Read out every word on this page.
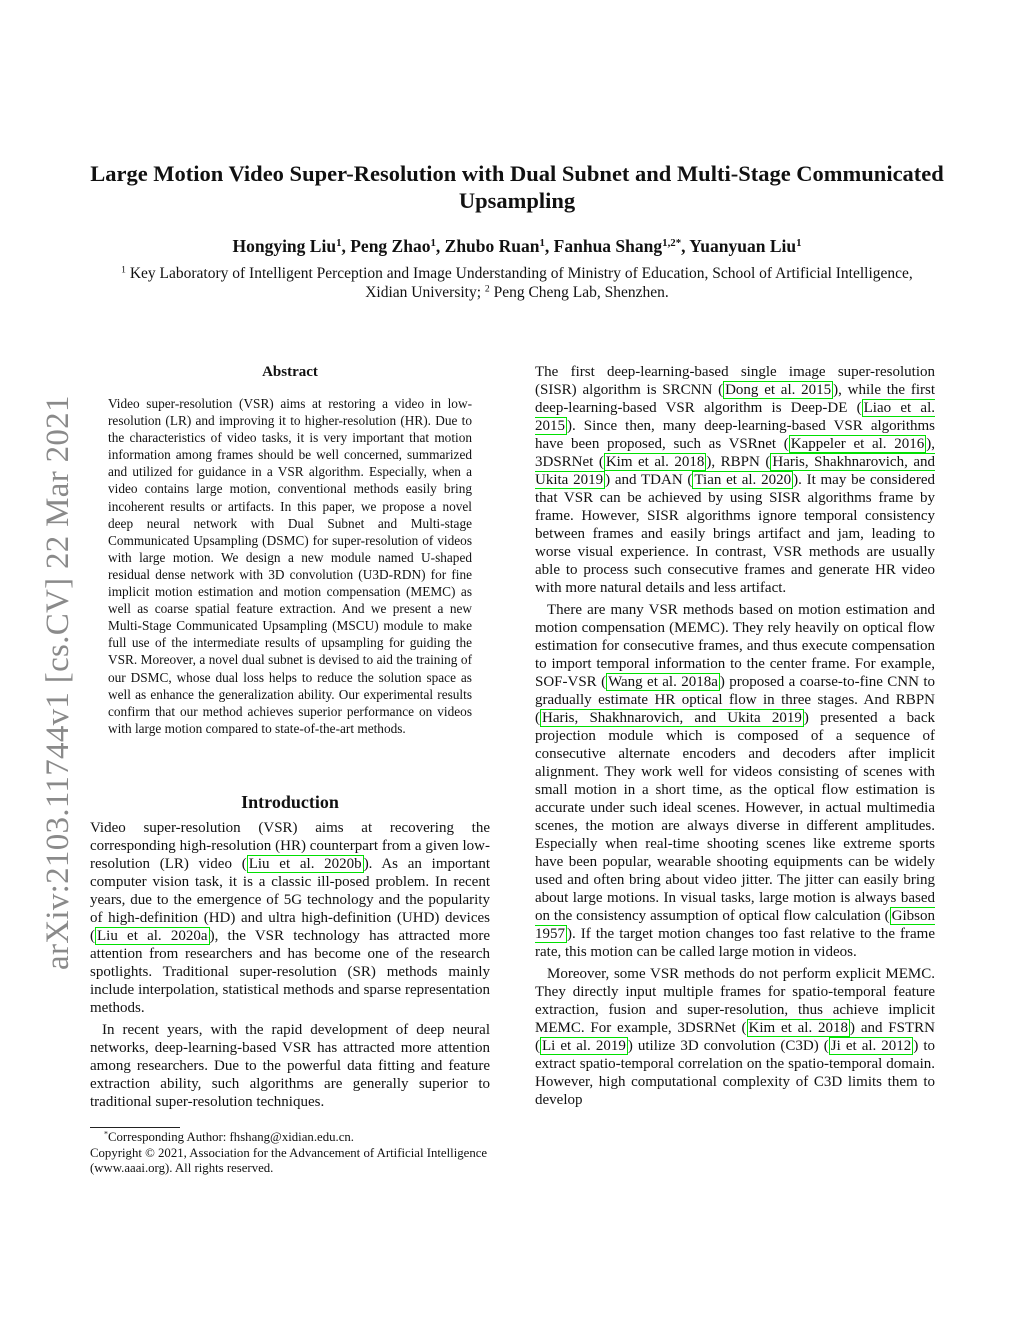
Large Motion Video Super-Resolution with Dual Subnet and Multi-Stage Communicated Upsampling
Hongying Liu$^1$, Peng Zhao$^1$, Zhubo Ruan$^1$, Fanhua Shang$^{1,2*}$, Yuanyuan Liu$^1$
$^1$ Key Laboratory of Intelligent Perception and Image Understanding of Ministry of Education, School of Artificial Intelligence, Xidian University; $^2$ Peng Cheng Lab, Shenzhen.
arXiv:2103.11744v1 [cs.CV] 22 Mar 2021
Abstract
Video super-resolution (VSR) aims at restoring a video in low-resolution (LR) and improving it to higher-resolution (HR). Due to the characteristics of video tasks, it is very important that motion information among frames should be well concerned, summarized and utilized for guidance in a VSR algorithm. Especially, when a video contains large motion, conventional methods easily bring incoherent results or artifacts. In this paper, we propose a novel deep neural network with Dual Subnet and Multi-stage Communicated Upsampling (DSMC) for super-resolution of videos with large motion. We design a new module named U-shaped residual dense network with 3D convolution (U3D-RDN) for fine implicit motion estimation and motion compensation (MEMC) as well as coarse spatial feature extraction. And we present a new Multi-Stage Communicated Upsampling (MSCU) module to make full use of the intermediate results of upsampling for guiding the VSR. Moreover, a novel dual subnet is devised to aid the training of our DSMC, whose dual loss helps to reduce the solution space as well as enhance the generalization ability. Our experimental results confirm that our method achieves superior performance on videos with large motion compared to state-of-the-art methods.
Introduction

Video super-resolution (VSR) aims at recovering the corresponding high-resolution (HR) counterpart from a given low-resolution (LR) video ( Liu et al. 2020b ). As an important computer vision task, it is a classic ill-posed problem. In recent years, due to the emergence of 5G technology and the popularity of high-definition (HD) and ultra high-definition (UHD) devices ( Liu et al. 2020a ), the VSR technology has attracted more attention from researchers and has become one of the research spotlights. Traditional super-resolution (SR) methods mainly include interpolation, statistical methods and sparse representation methods.

In recent years, with the rapid development of deep neural networks, deep-learning-based VSR has attracted more attention among researchers. Due to the powerful data fitting and feature extraction ability, such algorithms are generally superior to traditional super-resolution techniques.

*Corresponding Author: fhshang@xidian.edu.cn.
Copyright © 2021, Association for the Advancement of Artificial Intelligence (www.aaai.org). All rights reserved.

The first deep-learning-based single image super-resolution (SISR) algorithm is SRCNN ( Dong et al. 2015 ), while the first deep-learning-based VSR algorithm is Deep-DE ( Liao et al. 2015 ). Since then, many deep-learning-based VSR algorithms have been proposed, such as VSRnet ( Kappeler et al. 2016 ), 3DSRNet ( Kim et al. 2018 ), RBPN ( Haris, Shakhnarovich, and Ukita 2019 ) and TDAN ( Tian et al. 2020 ). It may be considered that VSR can be achieved by using SISR algorithms frame by frame. However, SISR algorithms ignore temporal consistency between frames and easily brings artifact and jam, leading to worse visual experience. In contrast, VSR methods are usually able to process such consecutive frames and generate HR video with more natural details and less artifact.

There are many VSR methods based on motion estimation and motion compensation (MEMC). They rely heavily on optical flow estimation for consecutive frames, and thus execute compensation to import temporal information to the center frame. For example, SOF-VSR ( Wang et al. 2018a ) proposed a coarse-to-fine CNN to gradually estimate HR optical flow in three stages. And RBPN ( Haris, Shakhnarovich, and Ukita 2019 ) presented a back projection module which is composed of a sequence of consecutive alternate encoders and decoders after implicit alignment. They work well for videos consisting of scenes with small motion in a short time, as the optical flow estimation is accurate under such ideal scenes. However, in actual multimedia scenes, the motion are always diverse in different amplitudes. Especially when real-time shooting scenes like extreme sports have been popular, wearable shooting equipments can be widely used and often bring about video jitter. The jitter can easily bring about large motions. In visual tasks, large motion is always based on the consistency assumption of optical flow calculation ( Gibson 1957 ). If the target motion changes too fast relative to the frame rate, this motion can be called large motion in videos.

Moreover, some VSR methods do not perform explicit MEMC. They directly input multiple frames for spatio-temporal feature extraction, fusion and super-resolution, thus achieve implicit MEMC. For example, 3DSRNet ( Kim et al. 2018 ) and FSTRN ( Li et al. 2019 ) utilize 3D convolution (C3D) ( Ji et al. 2012 ) to extract spatio-temporal correlation on the spatio-temporal domain. However, high computational complexity of C3D limits them to develop
